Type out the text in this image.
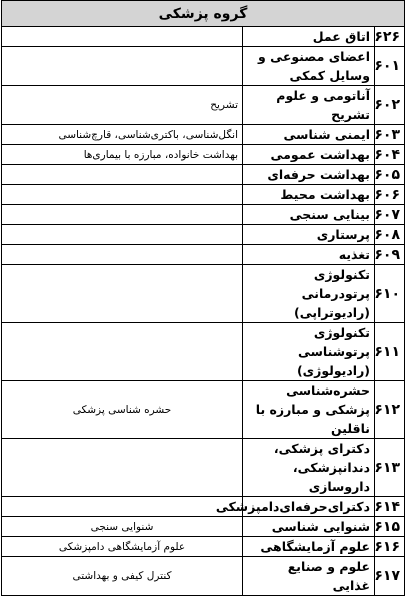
گروه پزشکی		
۶۲۶	اتاق عمل	
۶۰۱	اعضای مصنوعی و وسایل کمکی	
۶۰۲	آناتومی و علوم تشریح	تشریح
۶۰۳	ایمنی شناسی	انگل‌شناسی، باکتری‌شناسی، قارچ‌شناسی
۶۰۴	بهداشت عمومی	بهداشت خانواده، مبارزه با بیماری‌ها
۶۰۵	بهداشت حرفه‌ای	
۶۰۶	بهداشت محیط	
۶۰۷	بینایی سنجی	
۶۰۸	پرستاری	
۶۰۹	تغذیه	
۶۱۰	تکنولوژی پرتودرمانی (رادیوتراپی)	
۶۱۱	تکنولوژی پرتوشناسی (رادیولوژی)	
۶۱۲	حشره‌شناسی پزشکی و مبارزه با ناقلین	حشره شناسی پزشکی
۶۱۳	دکترای پزشکی، دندانپزشکی، داروسازی	
۶۱۴	دکترای‌حرفه‌ای‌دامپزشکی	
۶۱۵	شنوایی شناسی	شنوایی سنجی
۶۱۶	علوم آزمایشگاهی	علوم آزمایشگاهی دامپزشکی
۶۱۷	علوم و صنایع غذایی	کنترل کیفی و بهداشتی
